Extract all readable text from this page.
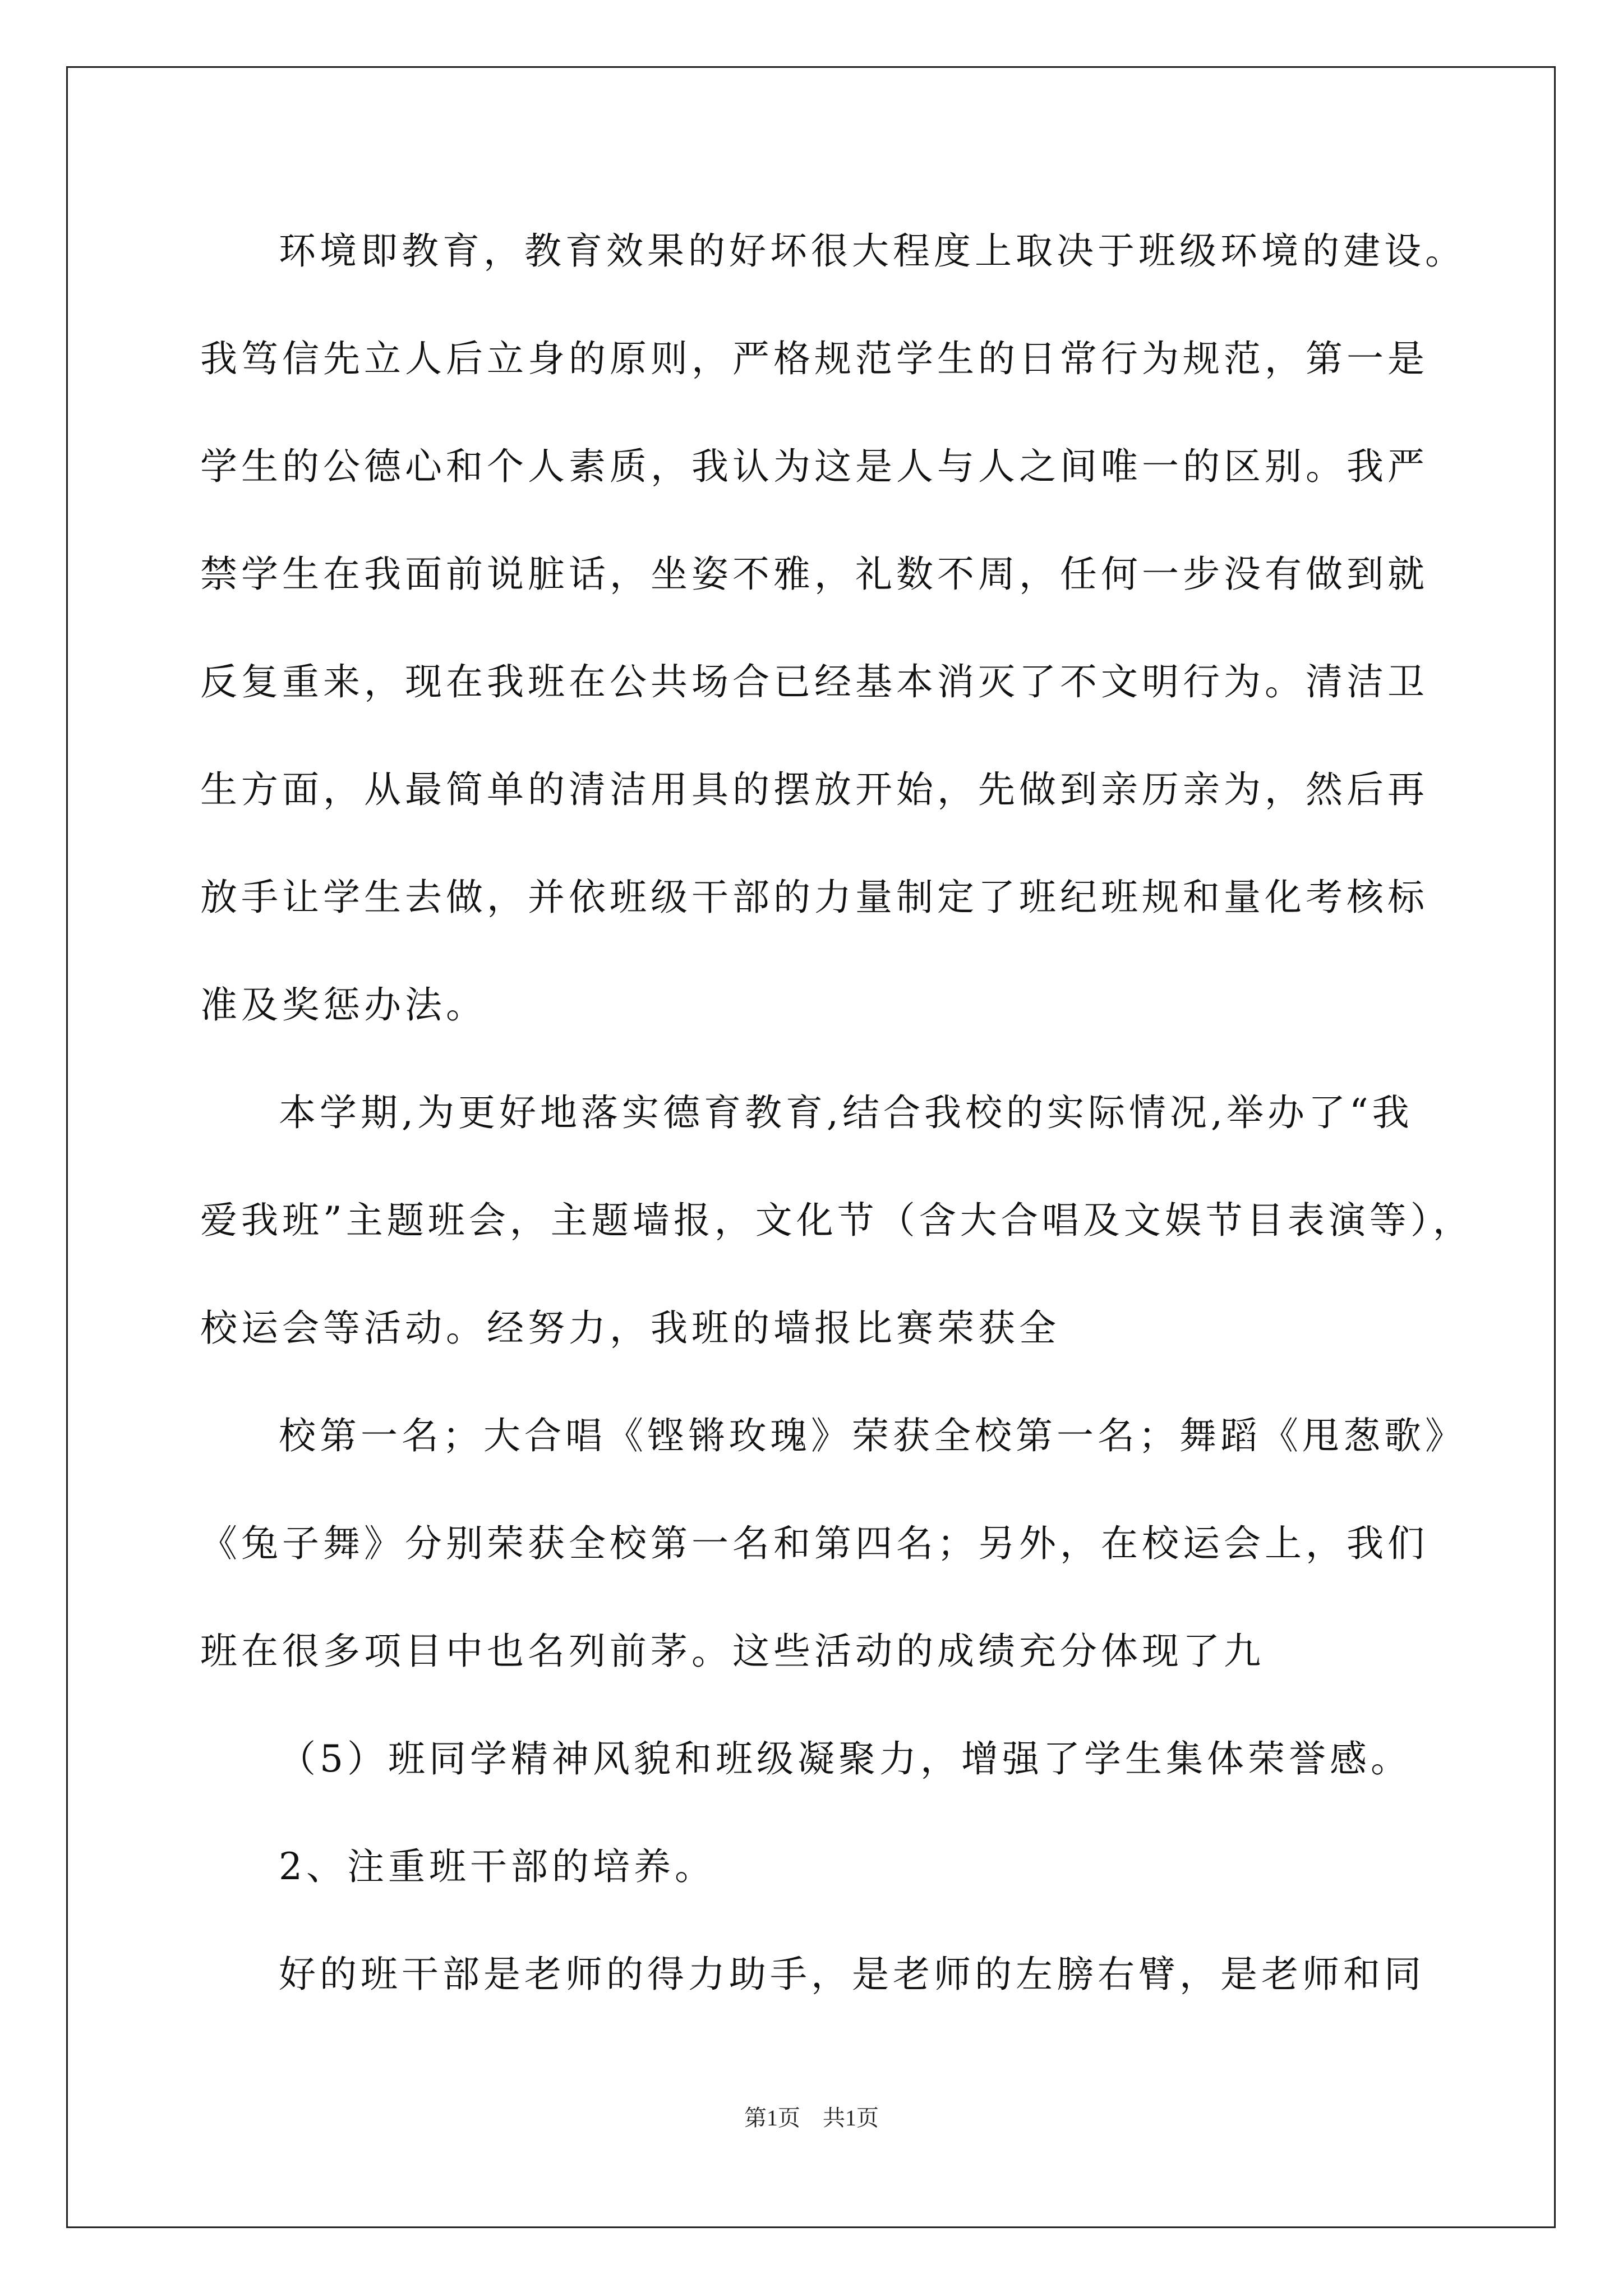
环境即教育，教育效果的好坏很大程度上取决于班级环境的建设。
我笃信先立人后立身的原则，严格规范学生的日常行为规范，第一是
学生的公德心和个人素质，我认为这是人与人之间唯一的区别。我严
禁学生在我面前说脏话，坐姿不雅，礼数不周，任何一步没有做到就
反复重来，现在我班在公共场合已经基本消灭了不文明行为。清洁卫
生方面，从最简单的清洁用具的摆放开始，先做到亲历亲为，然后再
放手让学生去做，并依班级干部的力量制定了班纪班规和量化考核标
准及奖惩办法。
本学期,为更好地落实德育教育,结合我校的实际情况,举办了“我
爱我班”主题班会，主题墙报，文化节（含大合唱及文娱节目表演等），
校运会等活动。经努力，我班的墙报比赛荣获全
校第一名；大合唱《铿锵玫瑰》荣获全校第一名；舞蹈《甩葱歌》
《兔子舞》分别荣获全校第一名和第四名；另外，在校运会上，我们
班在很多项目中也名列前茅。这些活动的成绩充分体现了九
（5）班同学精神风貌和班级凝聚力，增强了学生集体荣誉感。
2、注重班干部的培养。
好的班干部是老师的得力助手，是老师的左膀右臂，是老师和同
第1页　共1页
